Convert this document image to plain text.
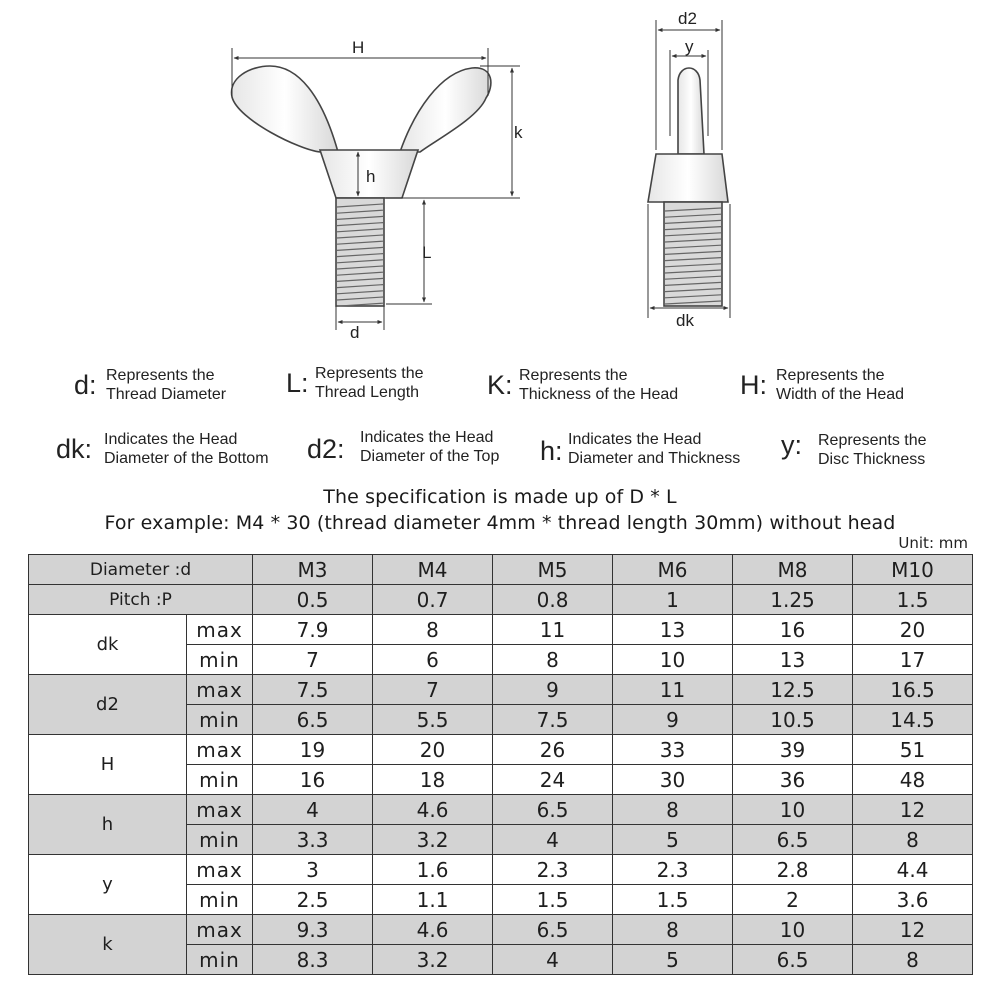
H
k
h
L
d
d2
y
dk
d: Represents the
Thread Diameter L: Represents the
Thread Length	K: Represents the
Thickness of the Head H: Represents the
Width of the Head
dk: Indicates the Head
Diameter of the Bottom d2: Indicates the Head
Diameter of the Top h: Indicates the Head
Diameter and Thickness y: Represents the
Disc Thickness
The specification is made up of D * L
For example: M4 * 30 (thread diameter 4mm * thread length 30mm) without head
Unit: mm
Diameter :d		M3	M4	M5	M6	M8	M10
Pitch :P		0.5	0.7	0.8	1	1.25	1.5
dk	max	7.9	8	11	13	16	20
	min	7	6	8	10	13	17
d2	max	7.5	7	9	11	12.5	16.5
	min	6.5	5.5	7.5	9	10.5	14.5
H	max	19	20	26	33	39	51
	min	16	18	24	30	36	48
h	max	4	4.6	6.5	8	10	12
	min	3.3	3.2	4	5	6.5	8
y	max	3	1.6	2.3	2.3	2.8	4.4
	min	2.5	1.1	1.5	1.5	2	3.6
k	max	9.3	4.6	6.5	8	10	12
	min	8.3	3.2	4	5	6.5	8
